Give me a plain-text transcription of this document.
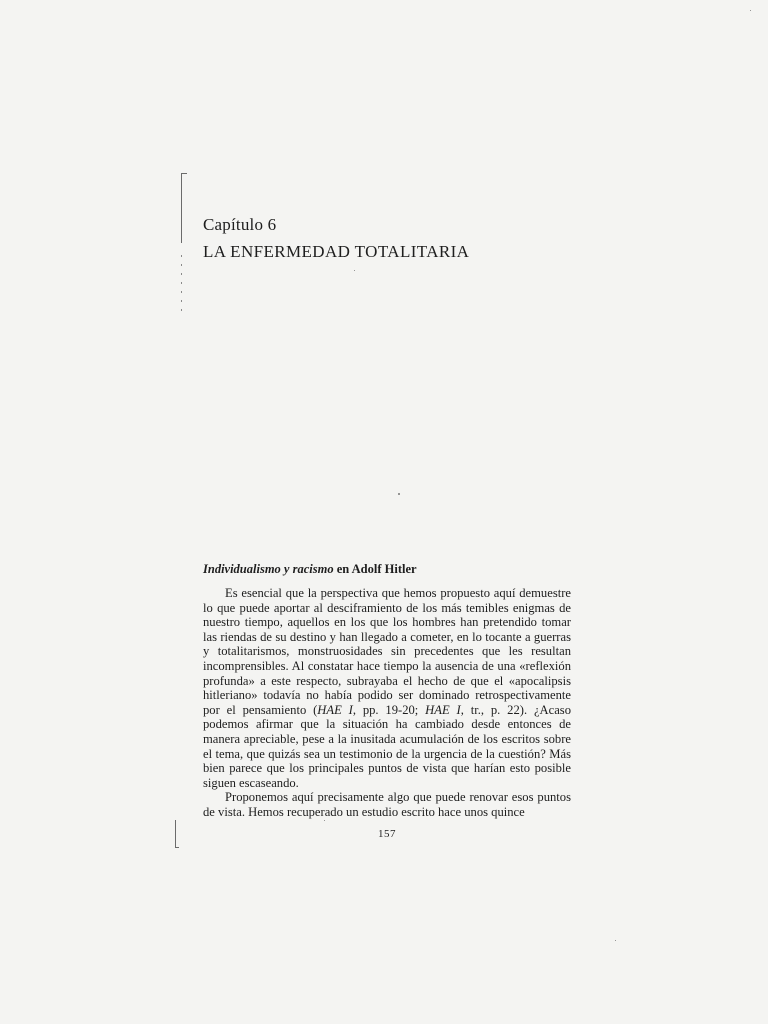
Capítulo 6
LA ENFERMEDAD TOTALITARIA
Individualismo y racismo en Adolf Hitler

Es esencial que la perspectiva que hemos propuesto aquí demuestre lo que puede aportar al desciframiento de los más temibles enigmas de nuestro tiempo, aquellos en los que los hombres han pretendido tomar las riendas de su destino y han llegado a cometer, en lo tocante a guerras y totalitarismos, monstruosidades sin precedentes que les resultan incomprensibles. Al constatar hace tiempo la ausencia de una «reflexión profunda» a este respecto, subrayaba el hecho de que el «apocalipsis hitleriano» todavía no había podido ser dominado retrospectivamente por el pensamiento (HAE I, pp. 19-20; HAE I, tr., p. 22). ¿Acaso podemos afirmar que la situación ha cambiado desde entonces de manera apreciable, pese a la inusitada acumulación de los escritos sobre el tema, que quizás sea un testimonio de la urgencia de la cuestión? Más bien parece que los principales puntos de vista que harían esto posible siguen escaseando.

Proponemos aquí precisamente algo que puede renovar esos puntos de vista. Hemos recuperado un estudio escrito hace unos quince

157
